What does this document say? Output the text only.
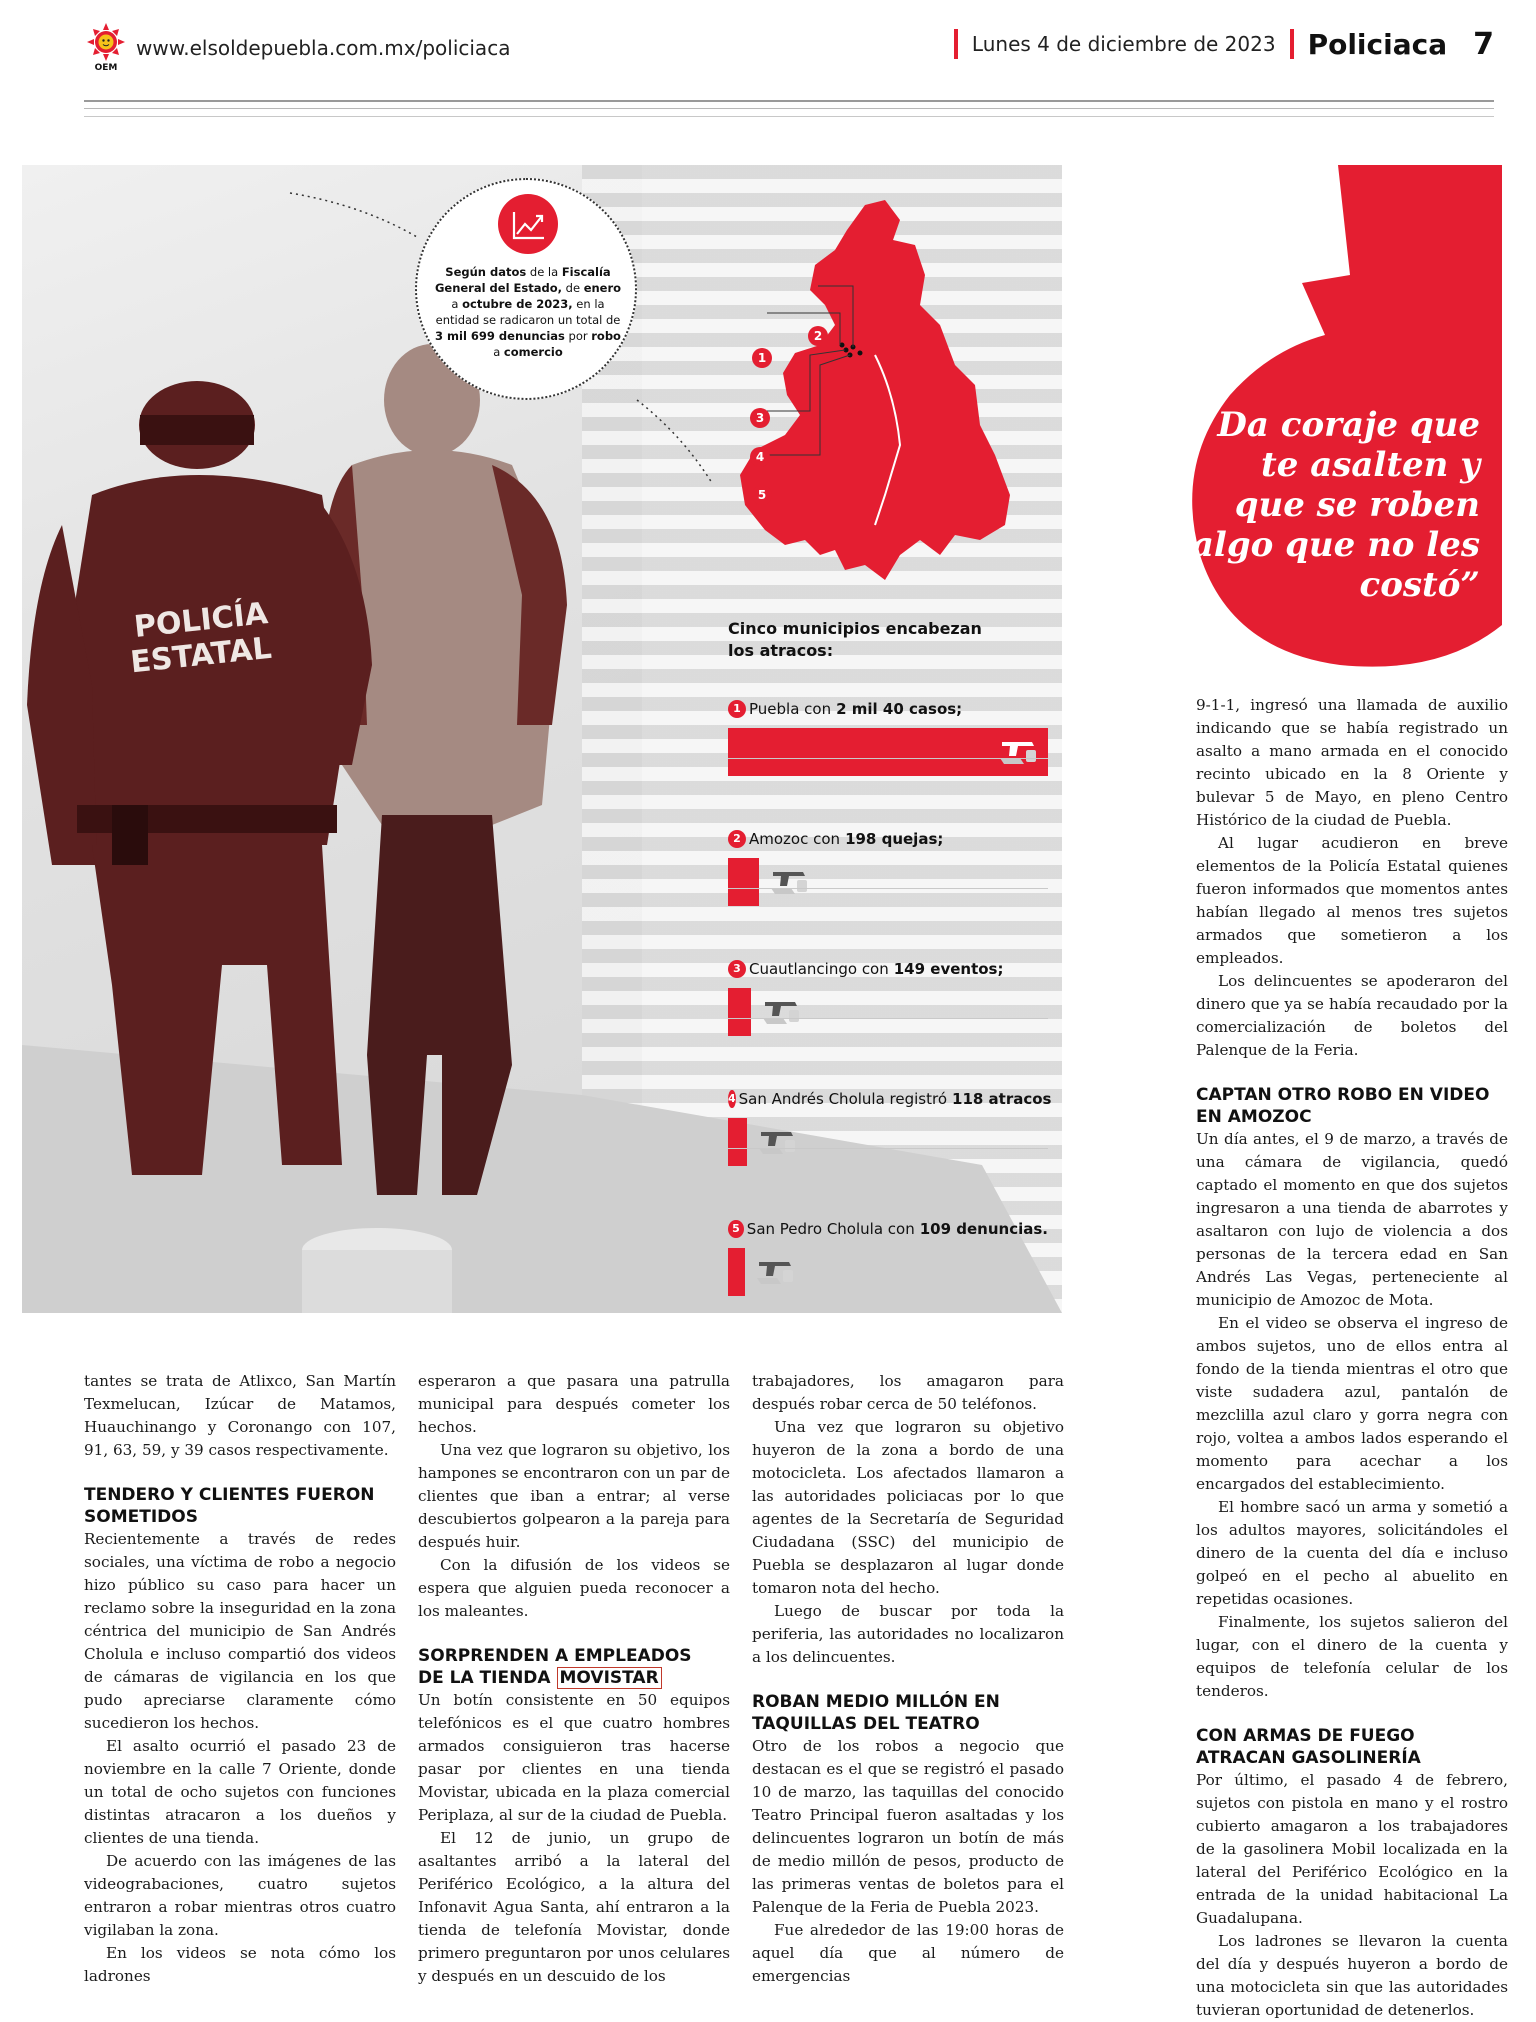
OEM
www.elsoldepuebla.com.mx/policiaca	Lunes 4 de diciembre de 2023 Policiaca 7
POLICÍA
ESTATAL
Según datos de la Fiscalía General del Estado, de enero a octubre de 2023, en la entidad se radicaron un total de 3 mil 699 denuncias por robo a comercio	1
2
3
4
5
Cinco municipios encabezan los atracos:
1 Puebla con 2 mil 40 casos;
2 Amozoc con 198 quejas;
3 Cuautlancingo con 149 eventos;
4 San Andrés Cholula registró 118 atracos
5 San Pedro Cholula con 109 denuncias.
“Da coraje que te asalten y que se roben algo que no les costó”

tantes se trata de Atlixco, San Martín Texmelucan, Izúcar de Matamos, Huauchinango y Coronango con 107, 91, 63, 59, y 39 casos respectivamente.

TENDERO Y CLIENTES FUERON SOMETIDOS

Recientemente a través de redes sociales, una víctima de robo a negocio hizo público su caso para hacer un reclamo sobre la inseguridad en la zona céntrica del municipio de San Andrés Cholula e incluso compartió dos videos de cámaras de vigilancia en los que pudo apreciarse claramente cómo sucedieron los hechos.

El asalto ocurrió el pasado 23 de noviembre en la calle 7 Oriente, donde un total de ocho sujetos con funciones distintas atracaron a los dueños y clientes de una tienda.

De acuerdo con las imágenes de las videograbaciones, cuatro sujetos entraron a robar mientras otros cuatro vigilaban la zona.

En los videos se nota cómo los ladrones

esperaron a que pasara una patrulla municipal para después cometer los hechos.

Una vez que lograron su objetivo, los hampones se encontraron con un par de clientes que iban a entrar; al verse descubiertos golpearon a la pareja para después huir.

Con la difusión de los videos se espera que alguien pueda reconocer a los maleantes.

SORPRENDEN A EMPLEADOS
DE LA TIENDA MOVISTAR

Un botín consistente en 50 equipos telefónicos es el que cuatro hombres armados consiguieron tras hacerse pasar por clientes en una tienda Movistar, ubicada en la plaza comercial Periplaza, al sur de la ciudad de Puebla.

El 12 de junio, un grupo de asaltantes arribó a la lateral del Periférico Ecológico, a la altura del Infonavit Agua Santa, ahí entraron a la tienda de telefonía Movistar, donde primero preguntaron por unos celulares y después en un descuido de los

trabajadores, los amagaron para después robar cerca de 50 teléfonos.

Una vez que lograron su objetivo huyeron de la zona a bordo de una motocicleta. Los afectados llamaron a las autoridades policiacas por lo que agentes de la Secretaría de Seguridad Ciudadana (SSC) del municipio de Puebla se desplazaron al lugar donde tomaron nota del hecho.

Luego de buscar por toda la periferia, las autoridades no localizaron a los delincuentes.

ROBAN MEDIO MILLÓN EN TAQUILLAS DEL TEATRO

Otro de los robos a negocio que destacan es el que se registró el pasado 10 de marzo, las taquillas del conocido Teatro Principal fueron asaltadas y los delincuentes lograron un botín de más de medio millón de pesos, producto de las primeras ventas de boletos para el Palenque de la Feria de Puebla 2023.

Fue alrededor de las 19:00 horas de aquel día que al número de emergencias

9-1-1, ingresó una llamada de auxilio indicando que se había registrado un asalto a mano armada en el conocido recinto ubicado en la 8 Oriente y bulevar 5 de Mayo, en pleno Centro Histórico de la ciudad de Puebla.

Al lugar acudieron en breve elementos de la Policía Estatal quienes fueron informados que momentos antes habían llegado al menos tres sujetos armados que sometieron a los empleados.

Los delincuentes se apoderaron del dinero que ya se había recaudado por la comercialización de boletos del Palenque de la Feria.

CAPTAN OTRO ROBO EN VIDEO EN AMOZOC

Un día antes, el 9 de marzo, a través de una cámara de vigilancia, quedó captado el momento en que dos sujetos ingresaron a una tienda de abarrotes y asaltaron con lujo de violencia a dos personas de la tercera edad en San Andrés Las Vegas, perteneciente al municipio de Amozoc de Mota.

En el video se observa el ingreso de ambos sujetos, uno de ellos entra al fondo de la tienda mientras el otro que viste sudadera azul, pantalón de mezclilla azul claro y gorra negra con rojo, voltea a ambos lados esperando el momento para acechar a los encargados del establecimiento.

El hombre sacó un arma y sometió a los adultos mayores, solicitándoles el dinero de la cuenta del día e incluso golpeó en el pecho al abuelito en repetidas ocasiones.

Finalmente, los sujetos salieron del lugar, con el dinero de la cuenta y equipos de telefonía celular de los tenderos.

CON ARMAS DE FUEGO ATRACAN GASOLINERÍA

Por último, el pasado 4 de febrero, sujetos con pistola en mano y el rostro cubierto amagaron a los trabajadores de la gasolinera Mobil localizada en la lateral del Periférico Ecológico en la entrada de la unidad habitacional La Guadalupana.

Los ladrones se llevaron la cuenta del día y después huyeron a bordo de una motocicleta sin que las autoridades tuvieran oportunidad de detenerlos.
